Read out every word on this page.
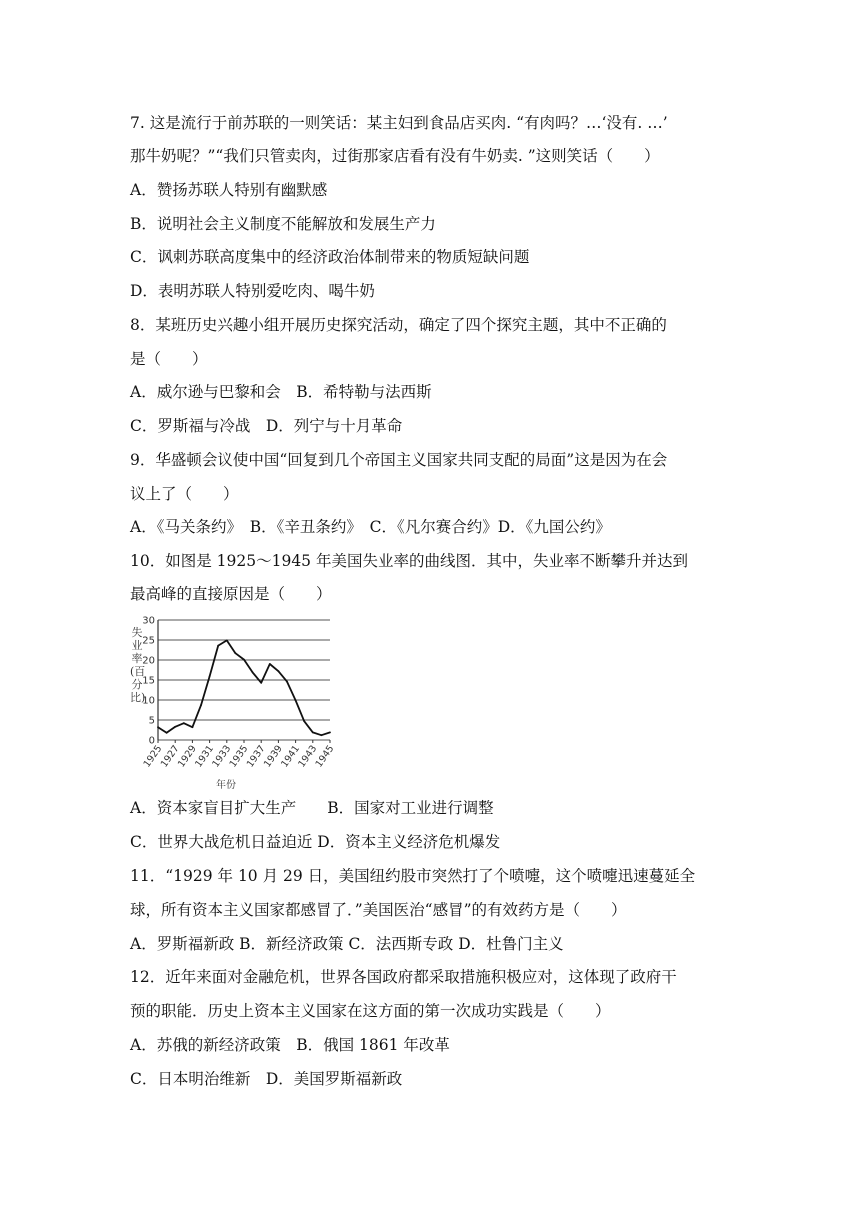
7. 这是流行于前苏联的一则笑话：某主妇到食品店买肉. “有肉吗？…‘没有. …’
那牛奶呢？”“我们只管卖肉，过街那家店看有没有牛奶卖. ”这则笑话（　　）
A．赞扬苏联人特别有幽默感
B．说明社会主义制度不能解放和发展生产力
C．讽刺苏联高度集中的经济政治体制带来的物质短缺问题
D．表明苏联人特别爱吃肉、喝牛奶
8．某班历史兴趣小组开展历史探究活动，确定了四个探究主题，其中不正确的
是（　　）
A．威尔逊与巴黎和会　B．希特勒与法西斯
C．罗斯福与冷战　D．列宁与十月革命
9．华盛顿会议使中国“回复到几个帝国主义国家共同支配的局面”这是因为在会
议上了（　　）
A．《马关条约》　B．《辛丑条约》　C．《凡尔赛合约》D．《九国公约》
10．如图是 1925～1945 年美国失业率的曲线图．其中，失业率不断攀升并达到
最高峰的直接原因是（　　）
失业率(百分比)
0
5
10
15
20
25
30
1925
1927
1929
1931
1933
1935
1937
1939
1941
1943
1945
年份
A．资本家盲目扩大生产　　B．国家对工业进行调整
C．世界大战危机日益迫近 D．资本主义经济危机爆发
11．“1929 年 10 月 29 日，美国纽约股市突然打了个喷嚏，这个喷嚏迅速蔓延全
球，所有资本主义国家都感冒了．”美国医治“感冒”的有效药方是（　　）
A．罗斯福新政 B．新经济政策 C．法西斯专政 D．杜鲁门主义
12．近年来面对金融危机，世界各国政府都采取措施积极应对，这体现了政府干
预的职能．历史上资本主义国家在这方面的第一次成功实践是（　　）
A．苏俄的新经济政策　B．俄国 1861 年改革
C．日本明治维新　D．美国罗斯福新政
